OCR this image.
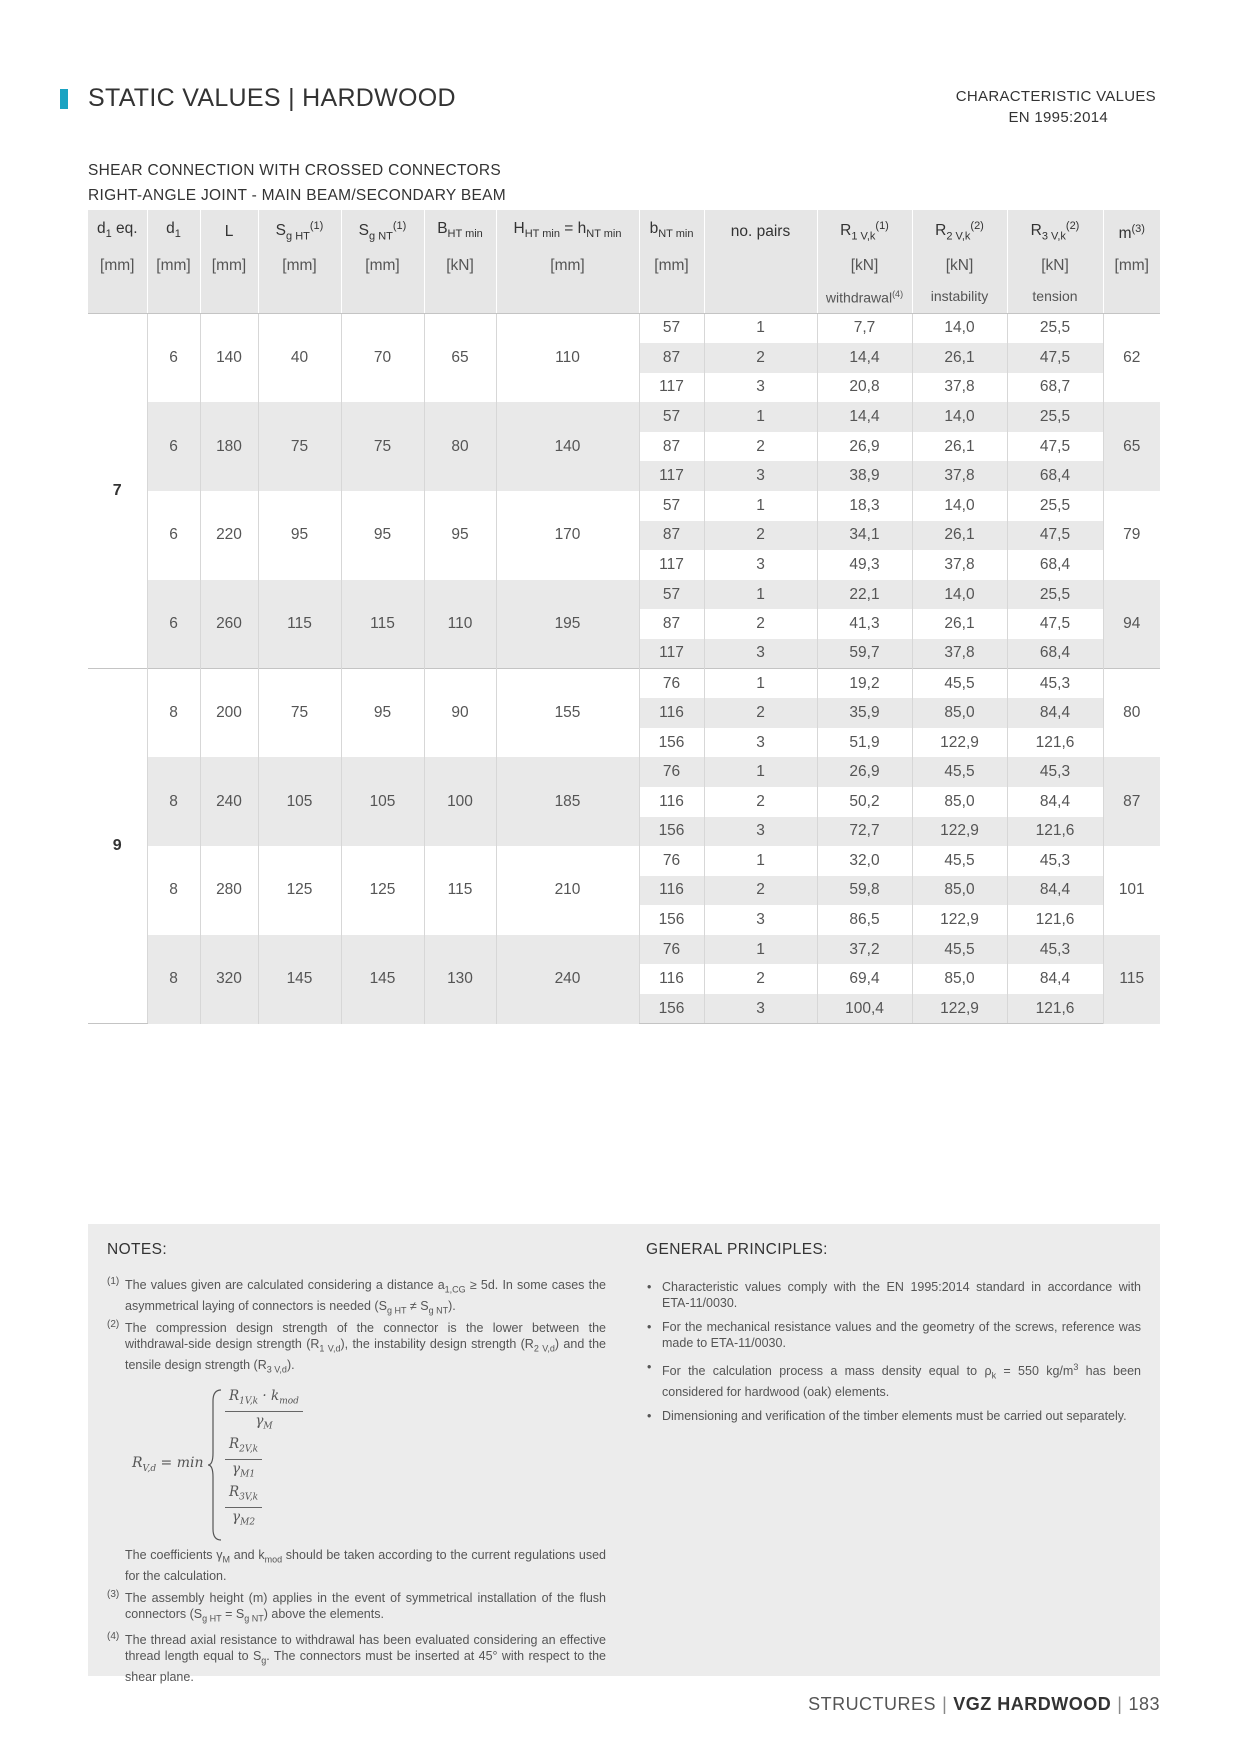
STATIC VALUES | HARDWOOD	CHARACTERISTIC VALUES
EN 1995:2014
SHEAR CONNECTION WITH CROSSED CONNECTORS
RIGHT-ANGLE JOINT - MAIN BEAM/SECONDARY BEAM
$d_1$ eq.	$d_1$	L	$S_{g HT}^{(1)}$	$S_{g NT}^{(1)}$	$B_{HT min}$	$H_{HT min} = h_{NT min}$	$b_{NT min}$	no. pairs	$R_{1 V,k}^{(1)}$	$R_{2 V,k}^{(2)}$	$R_{3 V,k}^{(2)}$	$m^{(3)}$
[mm]	[mm]	[mm]	[mm]	[mm]	[kN]	[mm]	[mm]		[kN]	[kN]	[kN]	[mm]
									withdrawal$^{(4)}$	instability	tension	
7	6	140	40	70	65	110	57	1	7,7	14,0	25,5	62
							87	2	14,4	26,1	47,5	
							117	3	20,8	37,8	68,7	
	6	180	75	75	80	140	57	1	14,4	14,0	25,5	65
							87	2	26,9	26,1	47,5	
							117	3	38,9	37,8	68,4	
	6	220	95	95	95	170	57	1	18,3	14,0	25,5	79
							87	2	34,1	26,1	47,5	
							117	3	49,3	37,8	68,4	
	6	260	115	115	110	195	57	1	22,1	14,0	25,5	94
							87	2	41,3	26,1	47,5	
							117	3	59,7	37,8	68,4	
9	8	200	75	95	90	155	76	1	19,2	45,5	45,3	80
							116	2	35,9	85,0	84,4	
							156	3	51,9	122,9	121,6	
	8	240	105	105	100	185	76	1	26,9	45,5	45,3	87
							116	2	50,2	85,0	84,4	
							156	3	72,7	122,9	121,6	
	8	280	125	125	115	210	76	1	32,0	45,5	45,3	101
							116	2	59,8	85,0	84,4	
							156	3	86,5	122,9	121,6	
	8	320	145	145	130	240	76	1	37,2	45,5	45,3	115
							116	2	69,4	85,0	84,4	
							156	3	100,4	122,9	121,6	
NOTES:
(1) The values given are calculated considering a distance $a_{1,CG} \ge 5d$. In some cases the asymmetrical laying of connectors is needed $(S_{g HT} \ne S_{g NT})$.
(2) The compression design strength of the connector is the lower between the withdrawal-side design strength $(R_{1 V,d})$, the instability design strength $(R_{2 V,d})$ and the tensile design strength $(R_{3 V,d})$.
$R_{V,d} = \min$
$R_{1V,k} \cdot k_{mod}$
$\gamma_M$
$\frac{R_{2V,k}}{\gamma_{M1}}$
$\frac{R_{3V,k}}{\gamma_{M2}}$
The coefficients $\gamma_M$ and $k_{mod}$ should be taken according to the current regulations used for the calculation.
(3) The assembly height (m) applies in the event of symmetrical installation of the flush connectors $(S_{g HT} = S_{g NT})$ above the elements.
(4) The thread axial resistance to withdrawal has been evaluated considering an effective thread length equal to $S_g$. The connectors must be inserted at 45° with respect to the shear plane.
GENERAL PRINCIPLES:
• Characteristic values comply with the EN 1995:2014 standard in accordance with ETA-11/0030.
• For the mechanical resistance values and the geometry of the screws, reference was made to ETA-11/0030.
• For the calculation process a mass density equal to $\rho_k = 550$ $kg/m^3$ has been considered for hardwood (oak) elements.
• Dimensioning and verification of the timber elements must be carried out separately.
STRUCTURES | VGZ HARDWOOD | 183
